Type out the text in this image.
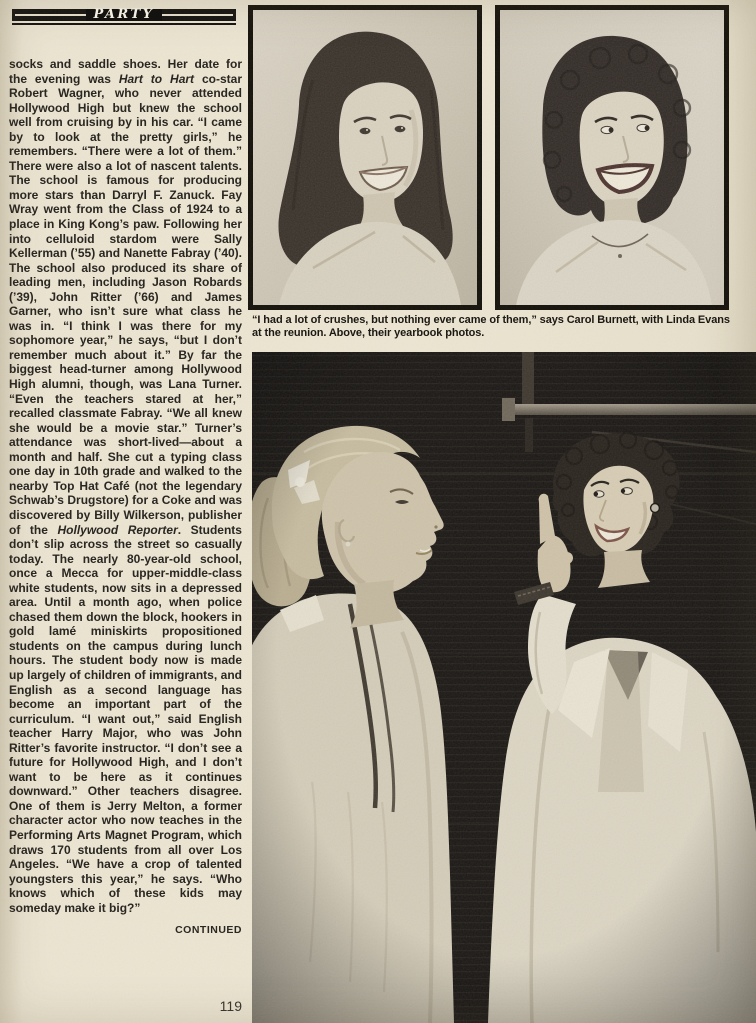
PARTY

socks and saddle shoes. Her date for the evening was Hart to Hart co-star Robert Wagner, who never attended Hollywood High but knew the school well from cruising by in his car. “I came by to look at the pretty girls,” he remembers. “There were a lot of them.” There were also a lot of nascent talents. The school is famous for producing more stars than Darryl F. Zanuck. Fay Wray went from the Class of 1924 to a place in King Kong’s paw. Following her into celluloid stardom were Sally Kellerman (’55) and Nanette Fabray (’40). The school also produced its share of leading men, including Jason Robards (’39), John Ritter (’66) and James Garner, who isn’t sure what class he was in. “I think I was there for my sophomore year,” he says, “but I don’t remember much about it.” By far the biggest head-turner among Hollywood High alumni, though, was Lana Turner. “Even the teachers stared at her,” recalled classmate Fabray. “We all knew she would be a movie star.” Turner’s attendance was short-lived—about a month and half. She cut a typing class one day in 10th grade and walked to the nearby Top Hat Café (not the legendary Schwab’s Drugstore) for a Coke and was discovered by Billy Wilkerson, publisher of the Hollywood Reporter. Students don’t slip across the street so casually today. The nearly 80-year-old school, once a Mecca for upper-middle-class white students, now sits in a depressed area. Until a month ago, when police chased them down the block, hookers in gold lamé miniskirts propositioned students on the campus during lunch hours. The student body now is made up largely of children of immigrants, and English as a second language has become an important part of the curriculum. “I want out,” said English teacher Harry Major, who was John Ritter’s favorite instructor. “I don’t see a future for Hollywood High, and I don’t want to be here as it continues downward.” Other teachers disagree. One of them is Jerry Melton, a former character actor who now teaches in the Performing Arts Magnet Program, which draws 170 students from all over Los Angeles. “We have a crop of talented youngsters this year,” he says. “Who knows which of these kids may someday make it big?”

CONTINUED
“I had a lot of crushes, but nothing ever came of them,” says Carol Burnett, with Linda Evans at the reunion. Above, their yearbook photos.
119
